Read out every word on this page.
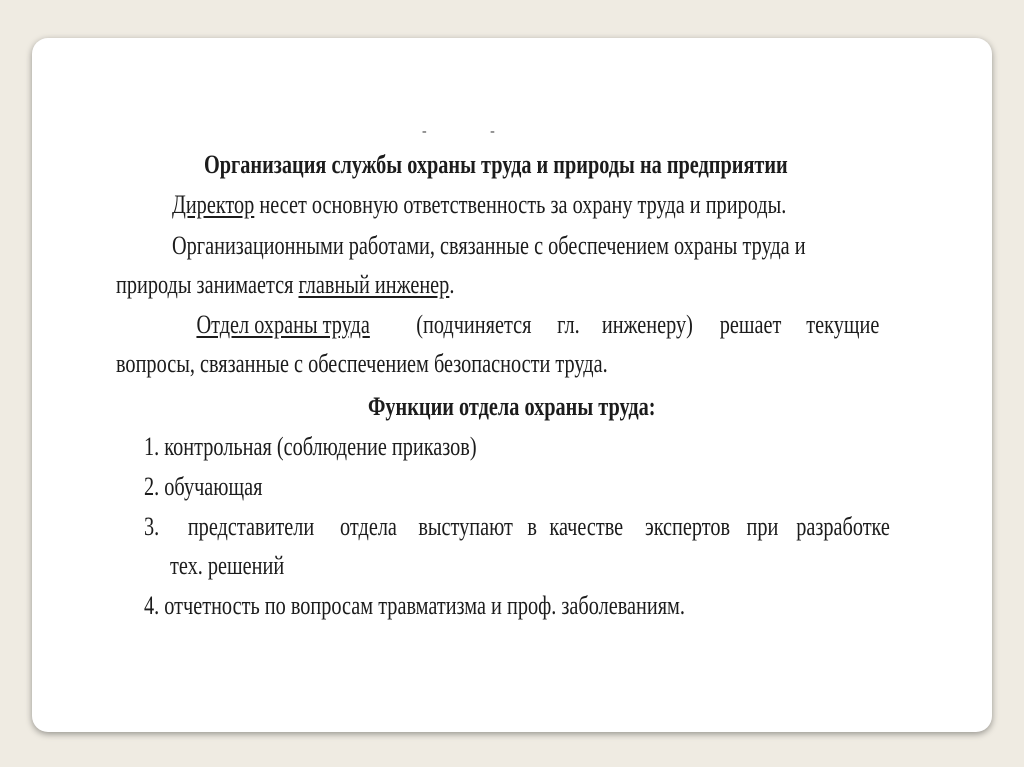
- -
Организация службы охраны труда и природы на предприятии
Директор несет основную ответственность за охрану труда и природы.
Организационными работами, связанные с обеспечением охраны труда и
природы занимается главный инженер.
Отдел охраны труда (подчиняется гл. инженеру) решает текущие
вопросы, связанные с обеспечением безопасности труда.
Функции отдела охраны труда:
1. контрольная (соблюдение приказов)
2. обучающая
3. представители отдела выступают в качестве экспертов при разработке
тех. решений
4. отчетность по вопросам травматизма и проф. заболеваниям.
